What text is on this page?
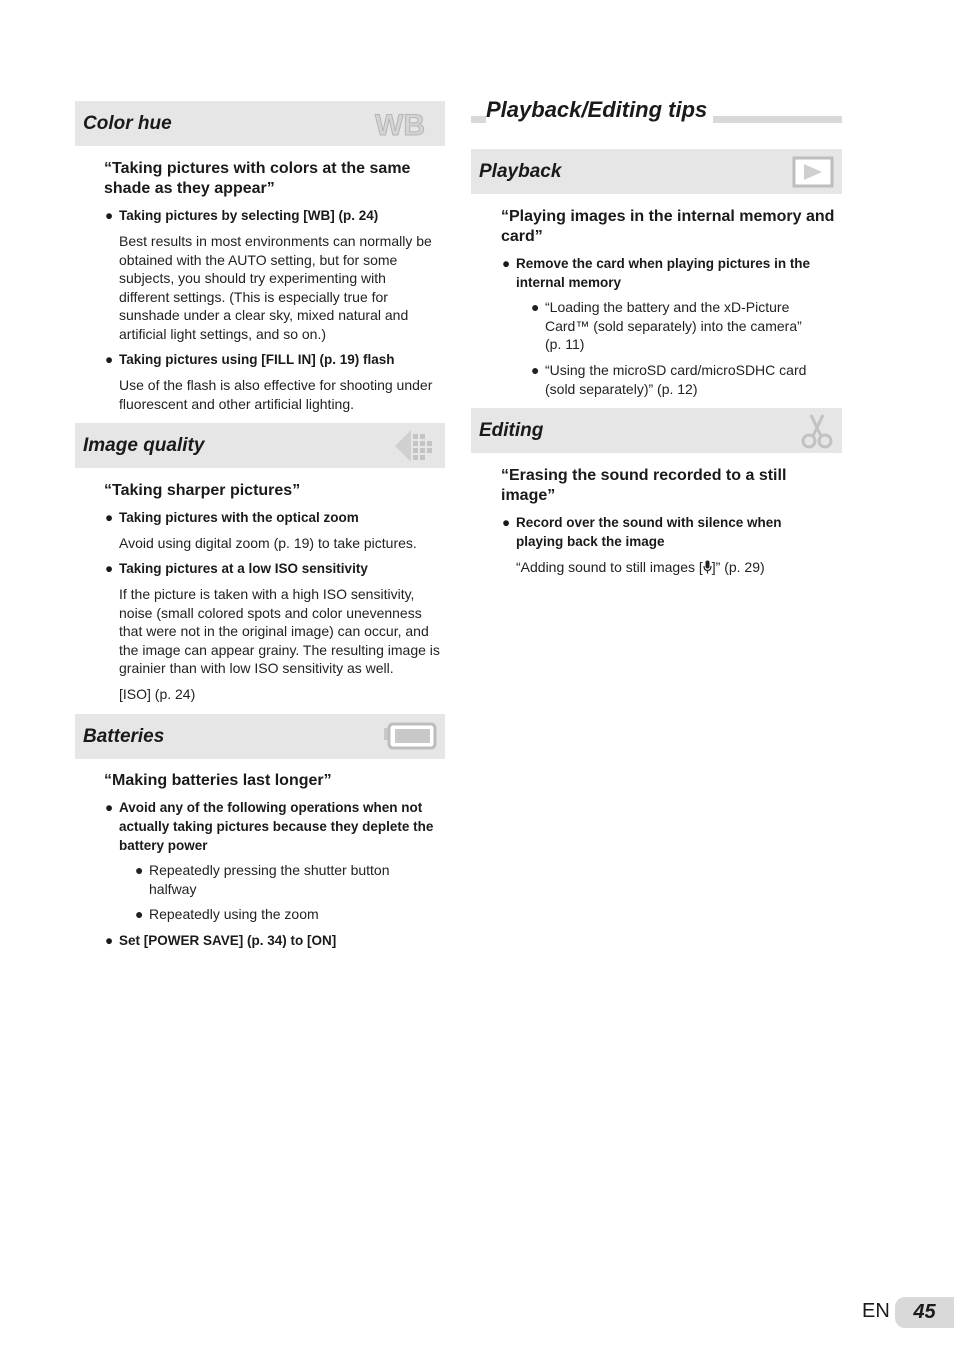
Color hue	WB
“Taking pictures with colors at the same shade as they appear”
● Taking pictures by selecting [WB] (p. 24)
Best results in most environments can normally be obtained with the AUTO setting, but for some subjects, you should try experimenting with different settings. (This is especially true for sunshade under a clear sky, mixed natural and artificial light settings, and so on.)
● Taking pictures using [FILL IN] (p. 19) flash
Use of the flash is also effective for shooting under fluorescent and other artificial lighting.
Image quality
“Taking sharper pictures”
● Taking pictures with the optical zoom
Avoid using digital zoom (p. 19) to take pictures.
● Taking pictures at a low ISO sensitivity
If the picture is taken with a high ISO sensitivity, noise (small colored spots and color unevenness that were not in the original image) can occur, and the image can appear grainy. The resulting image is grainier than with low ISO sensitivity as well.
[ISO] (p. 24)
Batteries
“Making batteries last longer”
● Avoid any of the following operations when not actually taking pictures because they deplete the battery power
● Repeatedly pressing the shutter button halfway
● Repeatedly using the zoom
● Set [POWER SAVE] (p. 34) to [ON]
Playback/Editing tips
Playback
“Playing images in the internal memory and card”
● Remove the card when playing pictures in the internal memory
● “Loading the battery and the xD-Picture Card™ (sold separately) into the camera” (p. 11)
● “Using the microSD card/microSDHC card (sold separately)” (p. 12)
Editing
“Erasing the sound recorded to a still image”
● Record over the sound with silence when playing back the image
“Adding sound to still images [ ]” (p. 29)
EN	45
